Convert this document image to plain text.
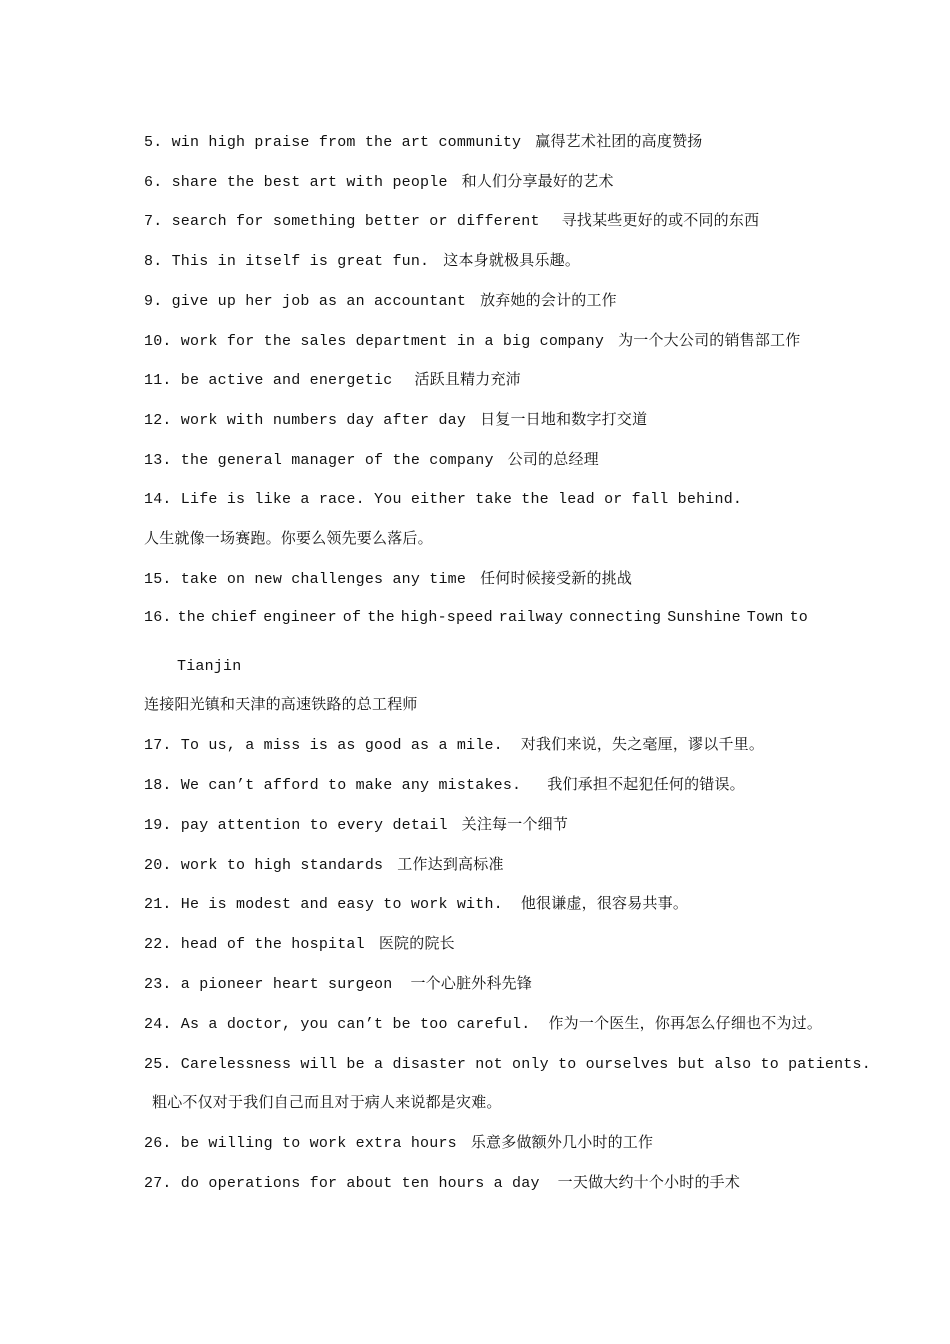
5. win high praise from the art community 赢得艺术社团的高度赞扬
6. share the best art with people 和人们分享最好的艺术
7. search for something better or different 寻找某些更好的或不同的东西
8. This in itself is great fun. 这本身就极具乐趣。
9. give up her job as an accountant 放弃她的会计的工作
10. work for the sales department in a big company 为一个大公司的销售部工作
11. be active and energetic 活跃且精力充沛
12. work with numbers day after day 日复一日地和数字打交道
13. the general manager of the company 公司的总经理
14. Life is like a race. You either take the lead or fall behind.
人生就像一场赛跑。你要么领先要么落后。
15. take on new challenges any time 任何时候接受新的挑战
16. the chief engineer of the high-speed railway connecting Sunshine Town to
Tianjin
连接阳光镇和天津的高速铁路的总工程师
17. To us, a miss is as good as a mile. 对我们来说，失之毫厘，谬以千里。
18. We can’t afford to make any mistakes. 我们承担不起犯任何的错误。
19. pay attention to every detail 关注每一个细节
20. work to high standards 工作达到高标准
21. He is modest and easy to work with. 他很谦虚，很容易共事。
22. head of the hospital 医院的院长
23. a pioneer heart surgeon 一个心脏外科先锋
24. As a doctor, you can’t be too careful. 作为一个医生，你再怎么仔细也不为过。
25. Carelessness will be a disaster not only to ourselves but also to patients.
粗心不仅对于我们自己而且对于病人来说都是灾难。
26. be willing to work extra hours 乐意多做额外几小时的工作
27. do operations for about ten hours a day 一天做大约十个小时的手术
